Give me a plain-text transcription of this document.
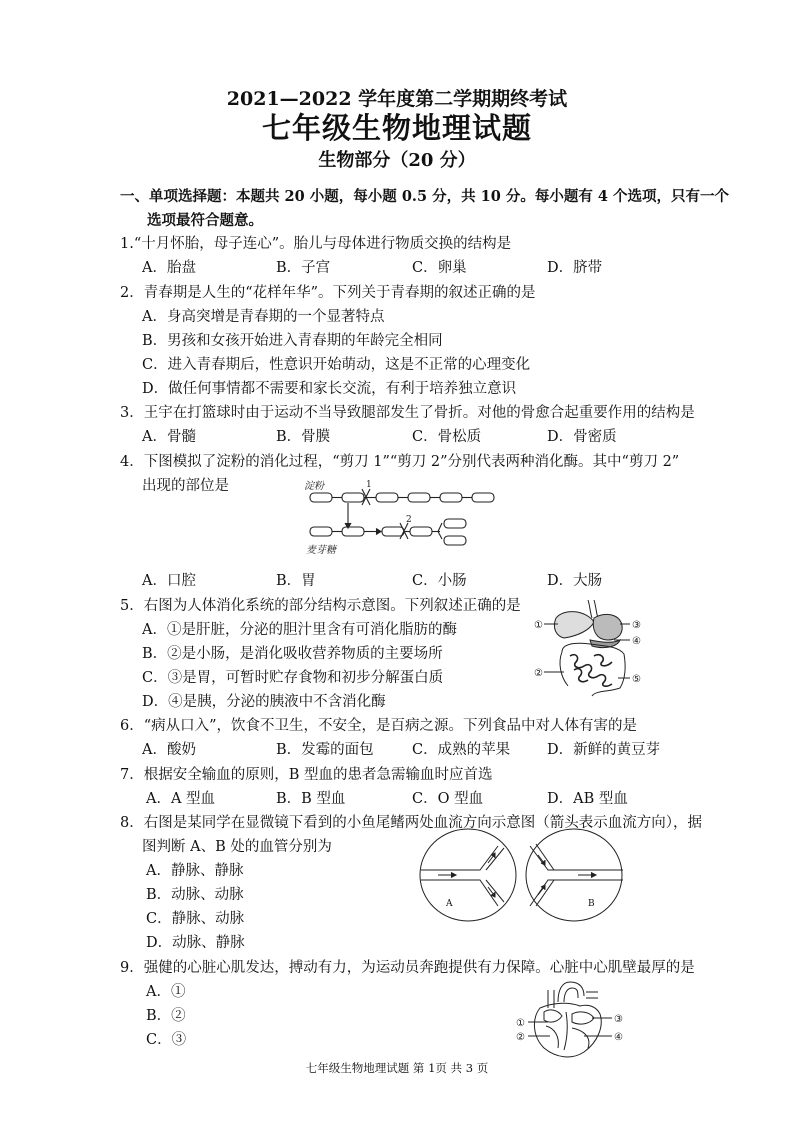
2021—2022 学年度第二学期期终考试
七年级生物地理试题
生物部分（20 分）
一、单项选择题：本题共 20 小题，每小题 0.5 分，共 10 分。每小题有 4 个选项，只有一个
选项最符合题意。
1.“十月怀胎，母子连心”。胎儿与母体进行物质交换的结构是
A．胎盘	B．子宫	C．卵巢	D．脐带
2．青春期是人生的“花样年华”。下列关于青春期的叙述正确的是
A．身高突增是青春期的一个显著特点
B．男孩和女孩开始进入青春期的年龄完全相同
C．进入青春期后，性意识开始萌动，这是不正常的心理变化
D．做任何事情都不需要和家长交流，有利于培养独立意识
3．王宇在打篮球时由于运动不当导致腿部发生了骨折。对他的骨愈合起重要作用的结构是
A．骨髓	B．骨膜	C．骨松质	D．骨密质
4．下图模拟了淀粉的消化过程，“剪刀 1”“剪刀 2”分别代表两种消化酶。其中“剪刀 2”
出现的部位是	淀粉	1
2
麦芽糖
A．口腔	B．胃	C．小肠	D．大肠
5．右图为人体消化系统的部分结构示意图。下列叙述正确的是
A．①是肝脏，分泌的胆汁里含有可消化脂肪的酶
B．②是小肠，是消化吸收营养物质的主要场所
C．③是胃，可暂时贮存食物和初步分解蛋白质
D．④是胰，分泌的胰液中不含消化酶
①	③
④
②
⑤
6．“病从口入”，饮食不卫生，不安全，是百病之源。下列食品中对人体有害的是
A．酸奶	B．发霉的面包	C．成熟的苹果	D．新鲜的黄豆芽
7．根据安全输血的原则，B 型血的患者急需输血时应首选
A．A 型血	B．B 型血	C．O 型血	D．AB 型血
8．右图是某同学在显微镜下看到的小鱼尾鳍两处血流方向示意图（箭头表示血流方向），据
图判断 A、B 处的血管分别为
A．静脉、静脉
B．动脉、动脉
C．静脉、动脉
D．动脉、静脉
A	B
9．强健的心脏心肌发达，搏动有力，为运动员奔跑提供有力保障。心脏中心肌壁最厚的是
A．①
B．②
C．③
①
②
③
④
七年级生物地理试题 第 1页 共 3 页
